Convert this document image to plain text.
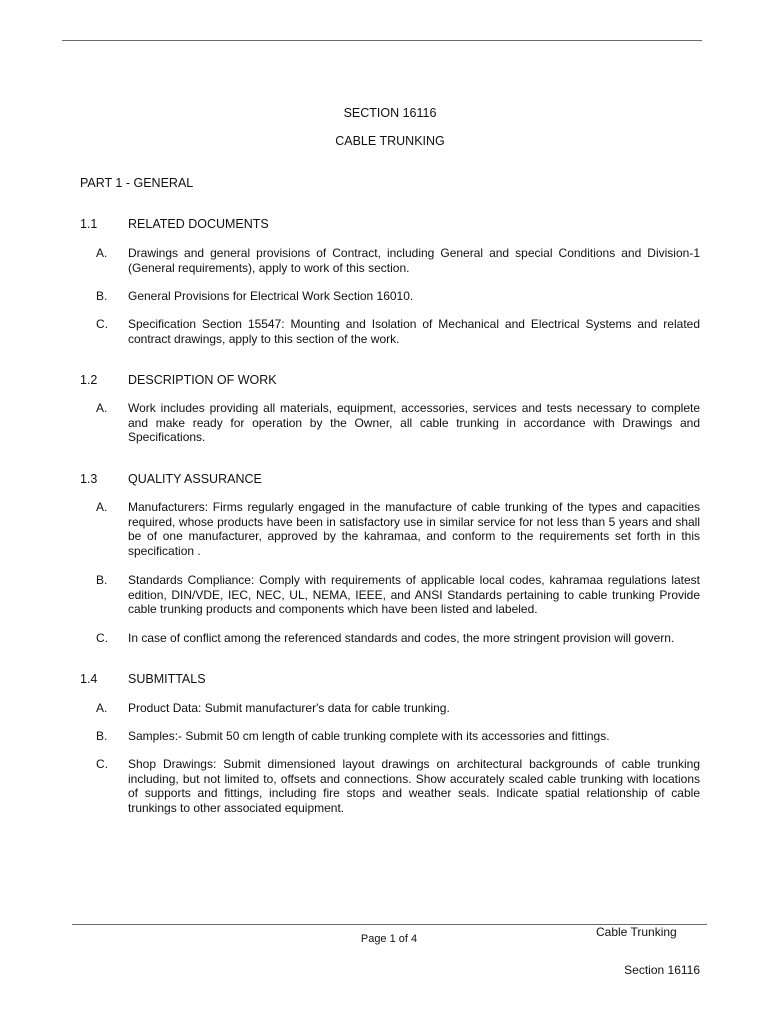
SECTION 16116
CABLE TRUNKING
PART 1 - GENERAL
1.1 RELATED DOCUMENTS
A. Drawings and general provisions of Contract, including General and special Conditions and Division-1 (General requirements), apply to work of this section.
B. General Provisions for Electrical Work Section 16010.
C. Specification Section 15547: Mounting and Isolation of Mechanical and Electrical Systems and related contract drawings, apply to this section of the work.
1.2 DESCRIPTION OF WORK
A. Work includes providing all materials, equipment, accessories, services and tests necessary to complete and make ready for operation by the Owner, all cable trunking in accordance with Drawings and Specifications.
1.3 QUALITY ASSURANCE
A. Manufacturers: Firms regularly engaged in the manufacture of cable trunking of the types and capacities required, whose products have been in satisfactory use in similar service for not less than 5 years and shall be of one manufacturer, approved by the kahramaa, and conform to the requirements set forth in this specification .
B. Standards Compliance: Comply with requirements of applicable local codes, kahramaa regulations latest edition, DIN/VDE, IEC, NEC, UL, NEMA, IEEE, and ANSI Standards pertaining to cable trunking Provide cable trunking products and components which have been listed and labeled.
C. In case of conflict among the referenced standards and codes, the more stringent provision will govern.
1.4 SUBMITTALS
A. Product Data: Submit manufacturer's data for cable trunking.
B. Samples:- Submit 50 cm length of cable trunking complete with its accessories and fittings.
C. Shop Drawings: Submit dimensioned layout drawings on architectural backgrounds of cable trunking including, but not limited to, offsets and connections. Show accurately scaled cable trunking with locations of supports and fittings, including fire stops and weather seals. Indicate spatial relationship of cable trunkings to other associated equipment.
Page 1 of 4	Cable Trunking
Section 16116
